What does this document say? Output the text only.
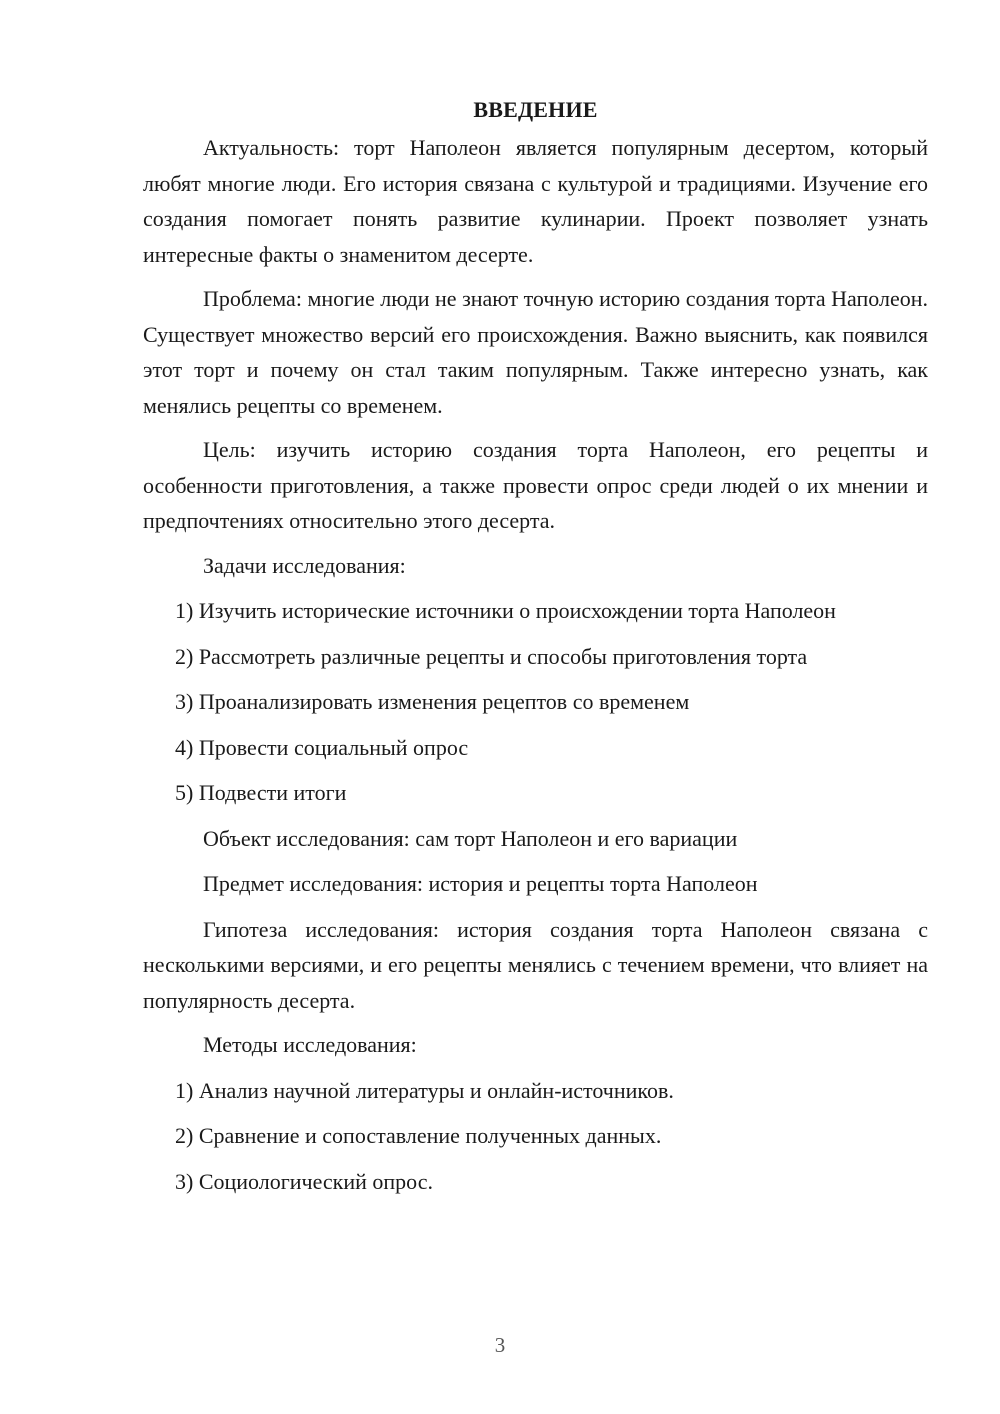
ВВЕДЕНИЕ

Актуальность: торт Наполеон является популярным десертом, который любят многие люди. Его история связана с культурой и традициями. Изучение его создания помогает понять развитие кулинарии. Проект позволяет узнать интересные факты о знаменитом десерте.

Проблема: многие люди не знают точную историю создания торта Наполеон. Существует множество версий его происхождения. Важно выяснить, как появился этот торт и почему он стал таким популярным. Также интересно узнать, как менялись рецепты со временем.

Цель: изучить историю создания торта Наполеон, его рецепты и особенности приготовления, а также провести опрос среди людей о их мнении и предпочтениях относительно этого десерта.

Задачи исследования:
1) Изучить исторические источники о происхождении торта Наполеон
2) Рассмотреть различные рецепты и способы приготовления торта
3) Проанализировать изменения рецептов со временем
4) Провести социальный опрос
5) Подвести итоги
Объект исследования: сам торт Наполеон и его вариации
Предмет исследования: история и рецепты торта Наполеон

Гипотеза исследования: история создания торта Наполеон связана с несколькими версиями, и его рецепты менялись с течением времени, что влияет на популярность десерта.

Методы исследования:
1) Анализ научной литературы и онлайн-источников.
2) Сравнение и сопоставление полученных данных.
3) Социологический опрос.
3
